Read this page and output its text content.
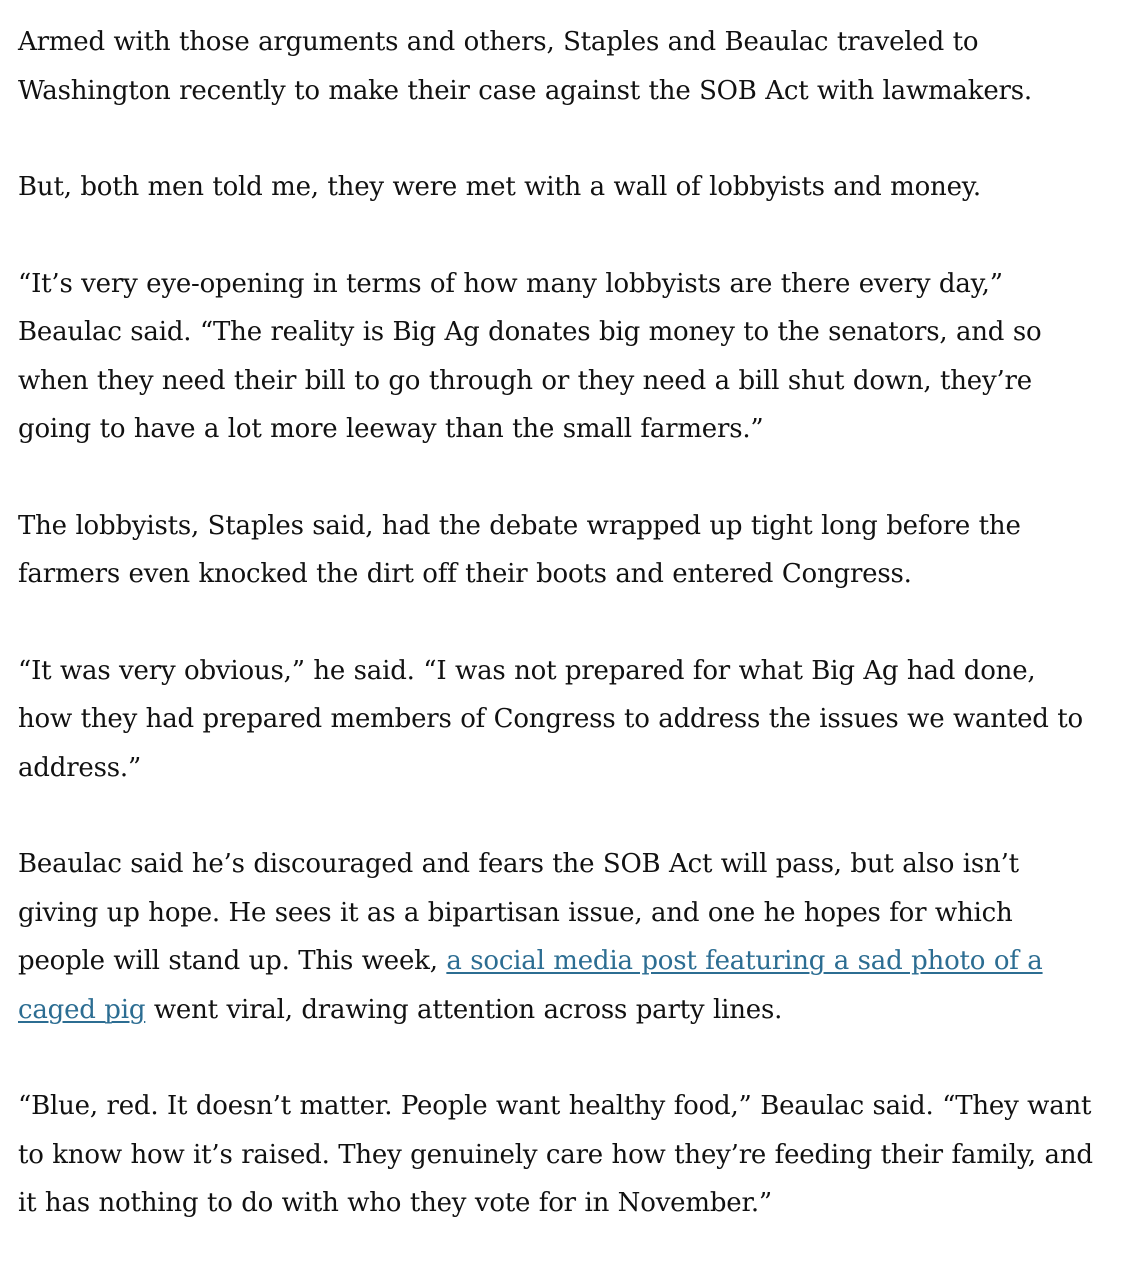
Armed with those arguments and others, Staples and Beaulac traveled to Washington recently to make their case against the SOB Act with lawmakers.

But, both men told me, they were met with a wall of lobbyists and money.

“It’s very eye-opening in terms of how many lobbyists are there every day,” Beaulac said. “The reality is Big Ag donates big money to the senators, and so when they need their bill to go through or they need a bill shut down, they’re going to have a lot more leeway than the small farmers.”

The lobbyists, Staples said, had the debate wrapped up tight long before the farmers even knocked the dirt off their boots and entered Congress.

“It was very obvious,” he said. “I was not prepared for what Big Ag had done, how they had prepared members of Congress to address the issues we wanted to address.”

Beaulac said he’s discouraged and fears the SOB Act will pass, but also isn’t giving up hope. He sees it as a bipartisan issue, and one he hopes for which people will stand up. This week, a social media post featuring a sad photo of a caged pig went viral, drawing attention across party lines.

“Blue, red. It doesn’t matter. People want healthy food,” Beaulac said. “They want to know how it’s raised. They genuinely care how they’re feeding their family, and it has nothing to do with who they vote for in November.”
